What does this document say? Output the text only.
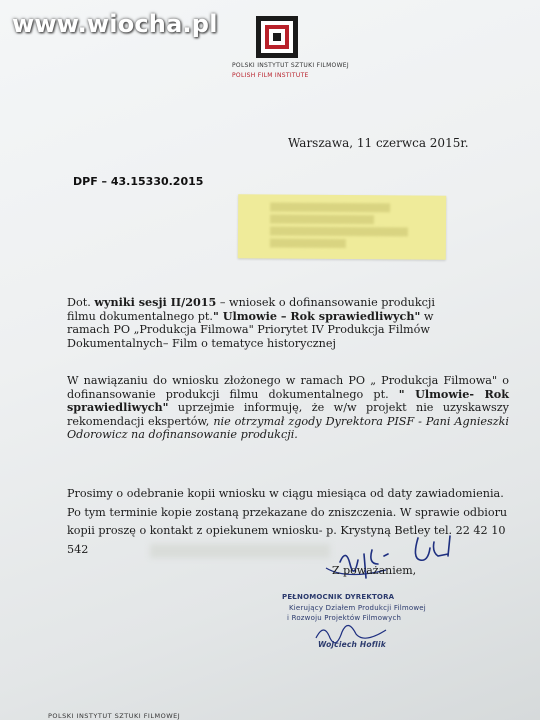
www.wiocha.pl
POLSKI INSTYTUT SZTUKI FILMOWEJ
POLISH FILM INSTITUTE
Warszawa, 11 czerwca 2015r.
DPF – 43.15330.2015
Dot. wyniki sesji II/2015 – wniosek o dofinansowanie produkcji filmu dokumentalnego pt." Ulmowie – Rok sprawiedliwych" w ramach PO „Produkcja Filmowa" Priorytet IV Produkcja Filmów Dokumentalnych– Film o tematyce historycznej
W nawiązaniu do wniosku złożonego w ramach PO „ Produkcja Filmowa" o dofinansowanie produkcji filmu dokumentalnego pt. " Ulmowie- Rok sprawiedliwych" uprzejmie informuję, że w/w projekt nie uzyskawszy rekomendacji ekspertów, nie otrzymał zgody Dyrektora PISF - Pani Agnieszki Odorowicz na dofinansowanie produkcji.
Prosimy o odebranie kopii wniosku w ciągu miesiąca od daty zawiadomienia. Po tym terminie kopie zostaną przekazane do zniszczenia. W sprawie odbioru kopii proszę o kontakt z opiekunem wniosku- p. Krystyną Betley tel. 22 42 10 542
Z poważaniem,
PEŁNOMOCNIK DYREKTORA
Kierujący Działem Produkcji Filmowej
i Rozwoju Projektów Filmowych
Wojciech Hoflik
POLSKI INSTYTUT SZTUKI FILMOWEJ
